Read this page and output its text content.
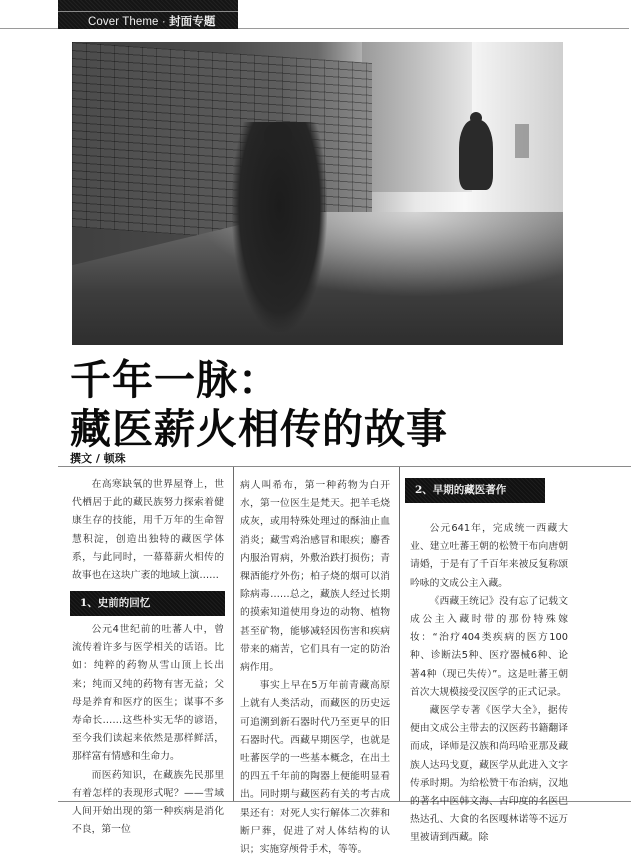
Cover Theme · 封面专题
千年一脉：
藏医薪火相传的故事
撰文 / 顿珠

在高寒缺氧的世界屋脊上，世代栖居于此的藏民族努力探索着健康生存的技能，用千万年的生命智慧积淀，创造出独特的藏医学体系，与此同时，一幕幕薪火相传的故事也在这块广袤的地域上演……

1、史前的回忆

公元4世纪前的吐蕃人中，曾流传着许多与医学相关的话语。比如：纯粹的药物从雪山顶上长出来；纯而又纯的药物有害无益；父母是养育和医疗的医生；谋事不多寿命长……这些朴实无华的谚语，至今我们读起来依然是那样鲜活，那样富有情感和生命力。

而医药知识，在藏族先民那里有着怎样的表现形式呢？——雪域人间开始出现的第一种疾病是消化不良，第一位

病人叫希布，第一种药物为白开水，第一位医生是梵天。把羊毛烧成灰，或用特殊处理过的酥油止血消炎；藏雪鸡治感冒和眼疾；麝香内服治胃病，外敷治跌打损伤；青稞酒能疗外伤；柏子烧的烟可以消除病毒……总之，藏族人经过长期的摸索知道使用身边的动物、植物甚至矿物，能够减轻因伤害和疾病带来的痛苦，它们具有一定的防治病作用。

事实上早在5万年前青藏高原上就有人类活动，而藏医的历史远可追溯到新石器时代乃至更早的旧石器时代。西藏早期医学，也就是吐蕃医学的一些基本概念，在出土的四五千年前的陶器上便能明显看出。同时期与藏医药有关的考古成果还有：对死人实行解体二次葬和断尸葬，促进了对人体结构的认识；实施穿颅骨手术，等等。

2、早期的藏医著作

公元641年，完成统一西藏大业、建立吐蕃王朝的松赞干布向唐朝请婚，于是有了千百年来被反复称颂吟咏的文成公主入藏。

《西藏王统记》没有忘了记载文成公主入藏时带的那份特殊嫁妆：“治疗404类疾病的医方100种、诊断法5种、医疗器械6种、论著4种（现已失传）”。这是吐蕃王朝首次大规模接受汉医学的正式记录。

藏医学专著《医学大全》，据传便由文成公主带去的汉医药书籍翻译而成，译师是汉族和尚玛哈亚那及藏族人达玛戈夏，藏医学从此进入文字传承时期。为给松赞干布治病，汉地的著名中医韩文海、古印度的名医巴热达孔、大食的名医嘎林诺等不远万里被请到西藏。除
